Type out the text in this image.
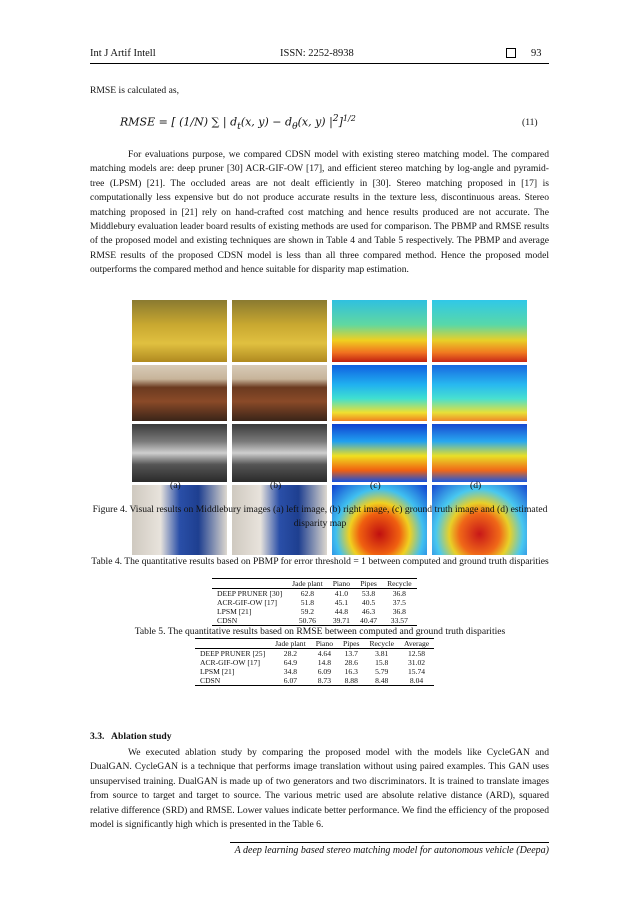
Int J Artif Intell	ISSN: 2252-8938	93
RMSE is calculated as,
RMSE = [ (1/N) ∑ | $d_t(x$, $y) - d_\theta(x$, y) $|^2]^{1/2}$	(11)
For evaluations purpose, we compared CDSN model with existing stereo matching model. The compared matching models are: deep pruner [30] ACR-GIF-OW [17], and efficient stereo matching by log-angle and pyramid-tree (LPSM) [21]. The occluded areas are not dealt efficiently in [30]. Stereo matching proposed in [17] is computationally less expensive but do not produce accurate results in the texture less, discontinuous areas. Stereo matching proposed in [21] rely on hand-crafted cost matching and hence results produced are not accurate. The Middlebury evaluation leader board results of existing methods are used for comparison. The PBMP and RMSE results of the proposed model and existing techniques are shown in Table 4 and Table 5 respectively. The PBMP and average RMSE results of the proposed CDSN model is less than all three compared method. Hence the proposed model outperforms the compared method and hence suitable for disparity map estimation.
(a)	(b)	(c)	(d)
Figure 4. Visual results on Middlebury images (a) left image, (b) right image, (c) ground truth image and (d) estimated disparity map
Table 4. The quantitative results based on PBMP for error threshold = 1 between computed and ground truth disparities
	Jade plant	Piano	Pipes	Recycle
DEEP PRUNER [30]	62.8	41.0	53.8	36.8
ACR-GIF-OW [17]	51.8	45.1	40.5	37.5
LPSM [21]	59.2	44.8	46.3	36.8
CDSN	50.76	39.71	40.47	33.57
Table 5. The quantitative results based on RMSE between computed and ground truth disparities
	Jade plant	Piano	Pipes	Recycle	Average
DEEP PRUNER [25]	28.2	4.64	13.7	3.81	12.58
ACR-GIF-OW [17]	64.9	14.8	28.6	15.8	31.02
LPSM [21]	34.8	6.09	16.3	5.79	15.74
CDSN	6.07	8.73	8.88	8.48	8.04
3.3.   Ablation study
We executed ablation study by comparing the proposed model with the models like CycleGAN and DualGAN. CycleGAN is a technique that performs image translation without using paired examples. This GAN uses unsupervised training. DualGAN is made up of two generators and two discriminators. It is trained to translate images from source to target and target to source. The various metric used are absolute relative distance (ARD), squared relative difference (SRD) and RMSE. Lower values indicate better performance. We find the efficiency of the proposed model is significantly high which is presented in the Table 6.
A deep learning based stereo matching model for autonomous vehicle (Deepa)
